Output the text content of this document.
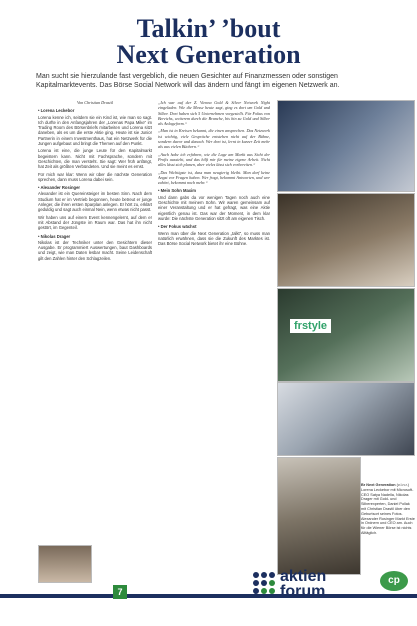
Talkin’ ’bout
Next Generation
Man sucht sie hierzulande fast vergeblich, die neuen Gesichter auf Finanzmessen oder sonstigen Kapitalmarktevents. Das Börse Social Network will das ändern und fängt im eigenen Netzwerk an.

Von Christian Drastil

• Lorena Leckebor

Lorena kenne ich, seitdem sie ein Kind ist, wie man so sagt. Ich durfte in den Anfangsjahren der „Lorenas Papa Mike“ im Trading Room des Börsenbriefs mitarbeiten und Lorena sitzt daneben, als es um die erste Aktie ging. Heute ist sie Junior Partnerin in einem Investmenthaus, hat ein Netzwerk für die Jungen aufgebaut und bringt die Themen auf den Punkt.

Lorena ist eine, die junge Leute für den Kapitalmarkt begeistern kann. Nicht mit Fachsprache, sondern mit Geschichten, die man versteht. Sie sagt: Wer früh anfängt, hat Zeit als größten Verbündeten. Und sie meint es ernst.

Für mich war klar: Wenn wir über die nächste Generation sprechen, dann muss Lorena dabei sein.

• Alexander Rosinger

Alexander ist ein Quereinsteiger im besten Sinn. Nach dem Studium hat er im Vertrieb begonnen, heute betreut er junge Anleger, die ihren ersten Sparplan anlegen. Er hört zu, erklärt geduldig und sagt auch einmal Nein, wenn etwas nicht passt.

Wir haben uns auf einem Event kennengelernt, auf dem er mit Abstand der Jüngste im Raum war. Das hat ihn nicht gestört, im Gegenteil.

• Nikolas Drager

Nikolas ist der Techniker unter den Gesichtern dieser Ausgabe. Er programmiert Auswertungen, baut Dashboards und zeigt, wie man Daten lesbar macht. Seine Leidenschaft gilt den Zahlen hinter den Schlagzeilen.

„Ich war auf der Z. Vienna Gold & Silver Network Night eingeladen. Wie die Messe heute sagt, ging es dort um Gold und Silber. Dort haben sich 5 Unternehmen vorgestellt. Für Fokus von Bereichs, weiterem durch die Branche, bis hin zu Gold und Silber als Anlageform.“

„Man ist in Kreisen bekannt, die einen ansprechen. Das Netzwerk ist wichtig, viele Gespräche entstehen nicht auf der Bühne, sondern davor und danach. Wer dort ist, lernt in kurzer Zeit mehr als aus vielen Büchern.“

„Auch habe ich erfahren, wie die Lage am Markt aus Sicht der Profis aussieht, und das hilft mir für meine eigene Arbeit. Nicht alles lässt sich planen, aber vieles lässt sich vorbereiten.“

„Das Wichtigste ist, dass man neugierig bleibt. Man darf keine Angst vor Fragen haben. Wer fragt, bekommt Antworten, und wer zuhört, bekommt noch mehr.“

• Mein Sohn Maxim

Und dann gabs da vor wenigen Tagen noch auch eine Geschichte mit meinem Sohn. Wir waren gemeinsam auf einer Veranstaltung und er hat gefragt, was eine Aktie eigentlich genau ist. Das war der Moment, in dem klar wurde: Die nächste Generation sitzt oft am eigenen Tisch.

• Der Fokus wächst

Wenn man über die Next Generation „talkt“, so muss man natürlich erwähnen, dass sie die Zukunft des Marktes ist. Das Börse Social Network bietet ihr eine Bühne.

frstyle
Br Next Generation (v.l.n.r.) Lorena Leckebor mit Microsoft-CEO Satya Nadella, Nikolas Drager mit Gold- und Silberexperten, Daniel Pollak mit Christian Drastil über den Geburtsort seines Fotos. Alexander Rosinger Markt Erste in Ordnern und CEO am. Auch für die Wiener Börse ist nichts Alltäglich.
7
aktien
forum
cp
